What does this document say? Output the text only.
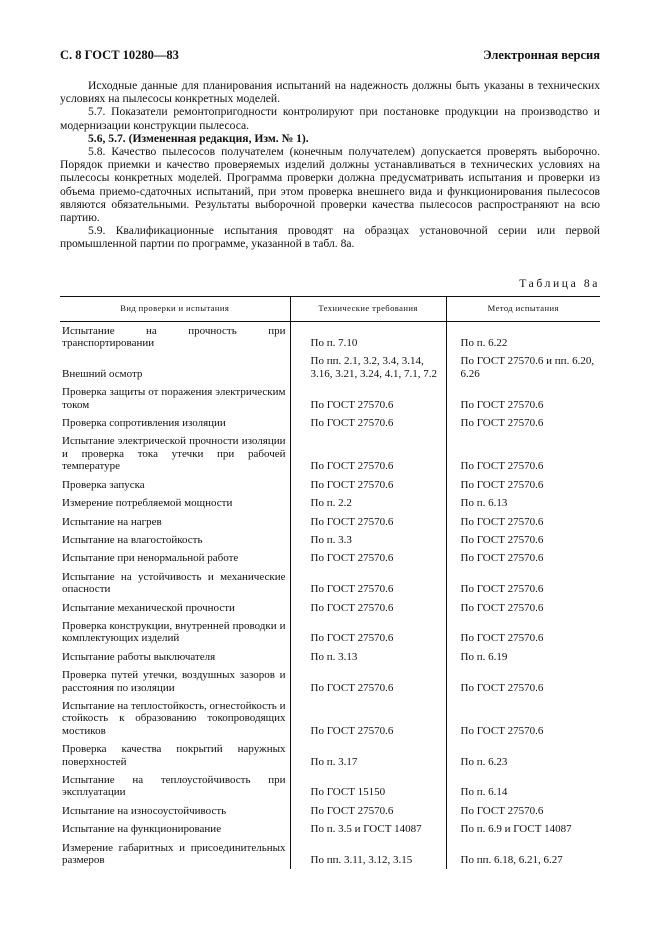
С. 8 ГОСТ 10280—83	Электронная версия

Исходные данные для планирования испытаний на надежность должны быть указаны в технических условиях на пылесосы конкретных моделей.

5.7. Показатели ремонтопригодности контролируют при постановке продукции на производство и модернизации конструкции пылесоса.

5.6, 5.7. (Измененная редакция, Изм. № 1).

5.8. Качество пылесосов получателем (конечным получателем) допускается проверять выборочно. Порядок приемки и качество проверяемых изделий должны устанавливаться в технических условиях на пылесосы конкретных моделей. Программа проверки должна предусматривать испытания и проверки из объема приемо-сдаточных испытаний, при этом проверка внешнего вида и функционирования пылесосов являются обязательными. Результаты выборочной проверки качества пылесосов распространяют на всю партию.

5.9. Квалификационные испытания проводят на образцах установочной серии или первой промышленной партии по программе, указанной в табл. 8а.

Таблица 8а
Вид проверки и испытания	Технические требования	Метод испытания
Испытание на прочность при транспортировании	По п. 7.10	По п. 6.22
Внешний осмотр	По пп. 2.1, 3.2, 3.4, 3.14, 3.16, 3.21, 3.24, 4.1, 7.1, 7.2	По ГОСТ 27570.6 и пп. 6.20, 6.26
Проверка защиты от поражения электрическим током	По ГОСТ 27570.6	По ГОСТ 27570.6
Проверка сопротивления изоляции	По ГОСТ 27570.6	По ГОСТ 27570.6
Испытание электрической прочности изоляции и проверка тока утечки при рабочей температуре	По ГОСТ 27570.6	По ГОСТ 27570.6
Проверка запуска	По ГОСТ 27570.6	По ГОСТ 27570.6
Измерение потребляемой мощности	По п. 2.2	По п. 6.13
Испытание на нагрев	По ГОСТ 27570.6	По ГОСТ 27570.6
Испытание на влагостойкость	По п. 3.3	По ГОСТ 27570.6
Испытание при ненормальной работе	По ГОСТ 27570.6	По ГОСТ 27570.6
Испытание на устойчивость и механические опасности	По ГОСТ 27570.6	По ГОСТ 27570.6
Испытание механической прочности	По ГОСТ 27570.6	По ГОСТ 27570.6
Проверка конструкции, внутренней проводки и комплектующих изделий	По ГОСТ 27570.6	По ГОСТ 27570.6
Испытание работы выключателя	По п. 3.13	По п. 6.19
Проверка путей утечки, воздушных зазоров и расстояния по изоляции	По ГОСТ 27570.6	По ГОСТ 27570.6
Испытание на теплостойкость, огнестойкость и стойкость к образованию токопроводящих мостиков	По ГОСТ 27570.6	По ГОСТ 27570.6
Проверка качества покрытий наружных поверхностей	По п. 3.17	По п. 6.23
Испытание на теплоустойчивость при эксплуатации	По ГОСТ 15150	По п. 6.14
Испытание на износоустойчивость	По ГОСТ 27570.6	По ГОСТ 27570.6
Испытание на функционирование	По п. 3.5 и ГОСТ 14087	По п. 6.9 и ГОСТ 14087
Измерение габаритных и присоединительных размеров	По пп. 3.11, 3.12, 3.15	По пп. 6.18, 6.21, 6.27
